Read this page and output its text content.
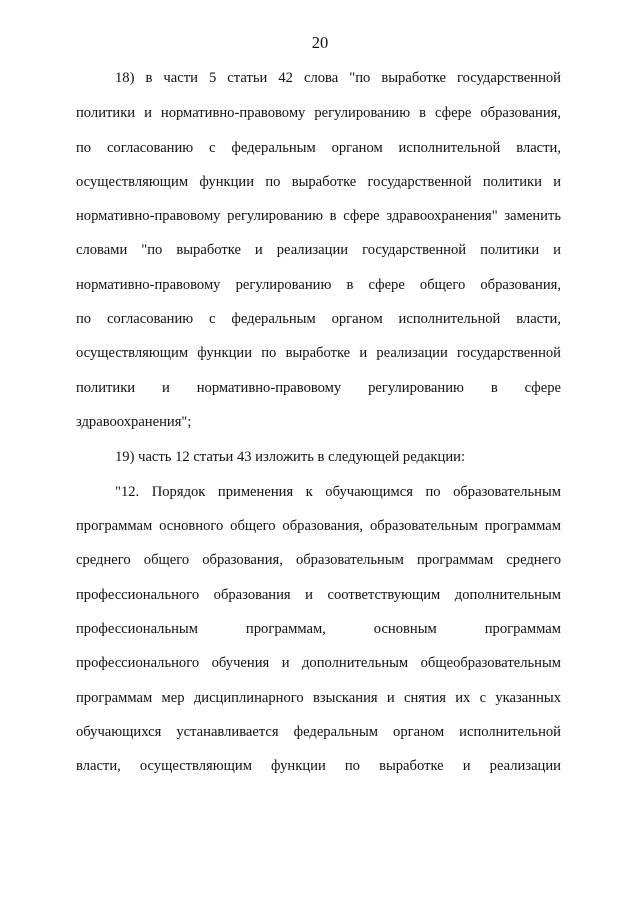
20
18) в части 5 статьи 42 слова "по выработке государственной
политики и нормативно-правовому регулированию в сфере образования,
по согласованию с федеральным органом исполнительной власти,
осуществляющим функции по выработке государственной политики и
нормативно-правовому регулированию в сфере здравоохранения" заменить
словами "по выработке и реализации государственной политики и
нормативно-правовому регулированию в сфере общего образования,
по согласованию с федеральным органом исполнительной власти,
осуществляющим функции по выработке и реализации государственной
политики и нормативно-правовому регулированию в сфере
здравоохранения";
19) часть 12 статьи 43 изложить в следующей редакции:
"12. Порядок применения к обучающимся по образовательным
программам основного общего образования, образовательным программам
среднего общего образования, образовательным программам среднего
профессионального образования и соответствующим дополнительным
профессиональным программам, основным программам
профессионального обучения и дополнительным общеобразовательным
программам мер дисциплинарного взыскания и снятия их с указанных
обучающихся устанавливается федеральным органом исполнительной
власти, осуществляющим функции по выработке и реализации
